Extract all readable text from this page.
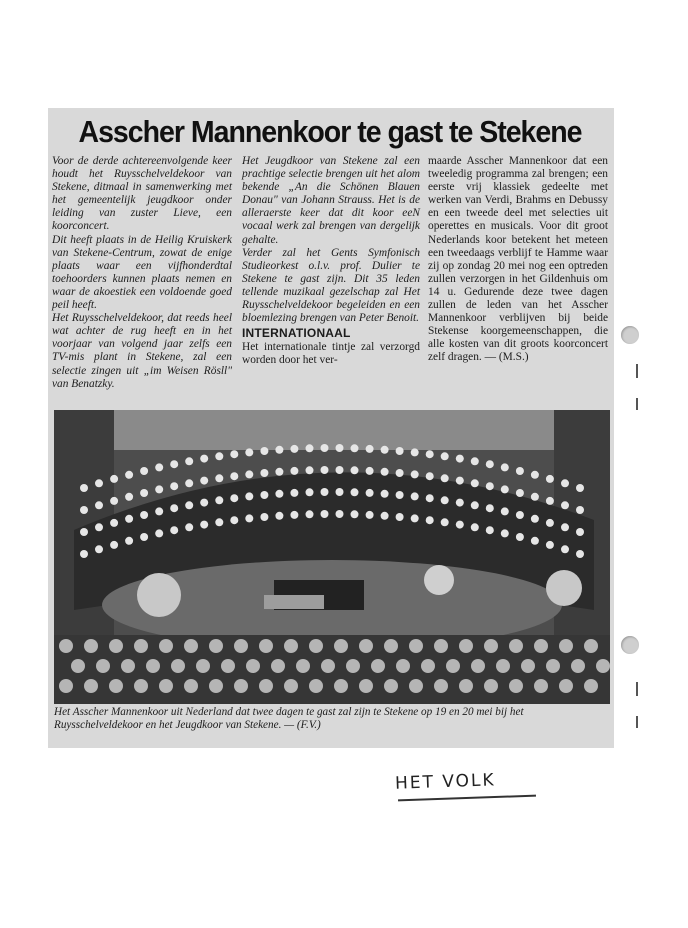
Asscher Mannenkoor te gast te Stekene

Voor de derde achtereenvolgende keer houdt het Ruysschelveldekoor van Stekene, ditmaal in samenwerking met het gemeentelijk jeugdkoor onder leiding van zuster Lieve, een koorconcert.

Dit heeft plaats in de Heilig Kruiskerk van Stekene-Centrum, zowat de enige plaats waar een vijfhonderdtal toehoorders kunnen plaats nemen en waar de akoestiek een voldoende goed peil heeft.

Het Ruysschelveldekoor, dat reeds heel wat achter de rug heeft en in het voorjaar van volgend jaar zelfs een TV-mis plant in Stekene, zal een selectie zingen uit „im Weisen Rösll" van Benatzky.

Het Jeugdkoor van Stekene zal een prachtige selectie brengen uit het alom bekende „An die Schönen Blauen Donau" van Johann Strauss. Het is de alleraerste keer dat dit koor eeN vocaal werk zal brengen van dergelijk gehalte.

Verder zal het Gents Symfonisch Studieorkest o.l.v. prof. Dulier te Stekene te gast zijn. Dit 35 leden tellende muzikaal gezelschap zal Het Ruysschelveldekoor begeleiden en een bloemlezing brengen van Peter Benoit.

INTERNATIONAAL

Het internationale tintje zal verzorgd worden door het ver-

maarde Asscher Mannenkoor dat een tweeledig programma zal brengen; een eerste vrij klassiek gedeelte met werken van Verdi, Brahms en Debussy en een tweede deel met selecties uit operettes en musicals. Voor dit groot Nederlands koor betekent het meteen een tweedaags verblijf te Hamme waar zij op zondag 20 mei nog een optreden zullen verzorgen in het Gildenhuis om 14 u. Gedurende deze twee dagen zullen de leden van het Asscher Mannenkoor verblijven bij beide Stekense koorgemeenschappen, die alle kosten van dit groots koorconcert zelf dragen. — (M.S.)

Het Asscher Mannenkoor uit Nederland dat twee dagen te gast zal zijn te Stekene op 19 en 20 mei bij het Ruysschelveldekoor en het Jeugdkoor van Stekene. — (F.V.)
HET VOLK
